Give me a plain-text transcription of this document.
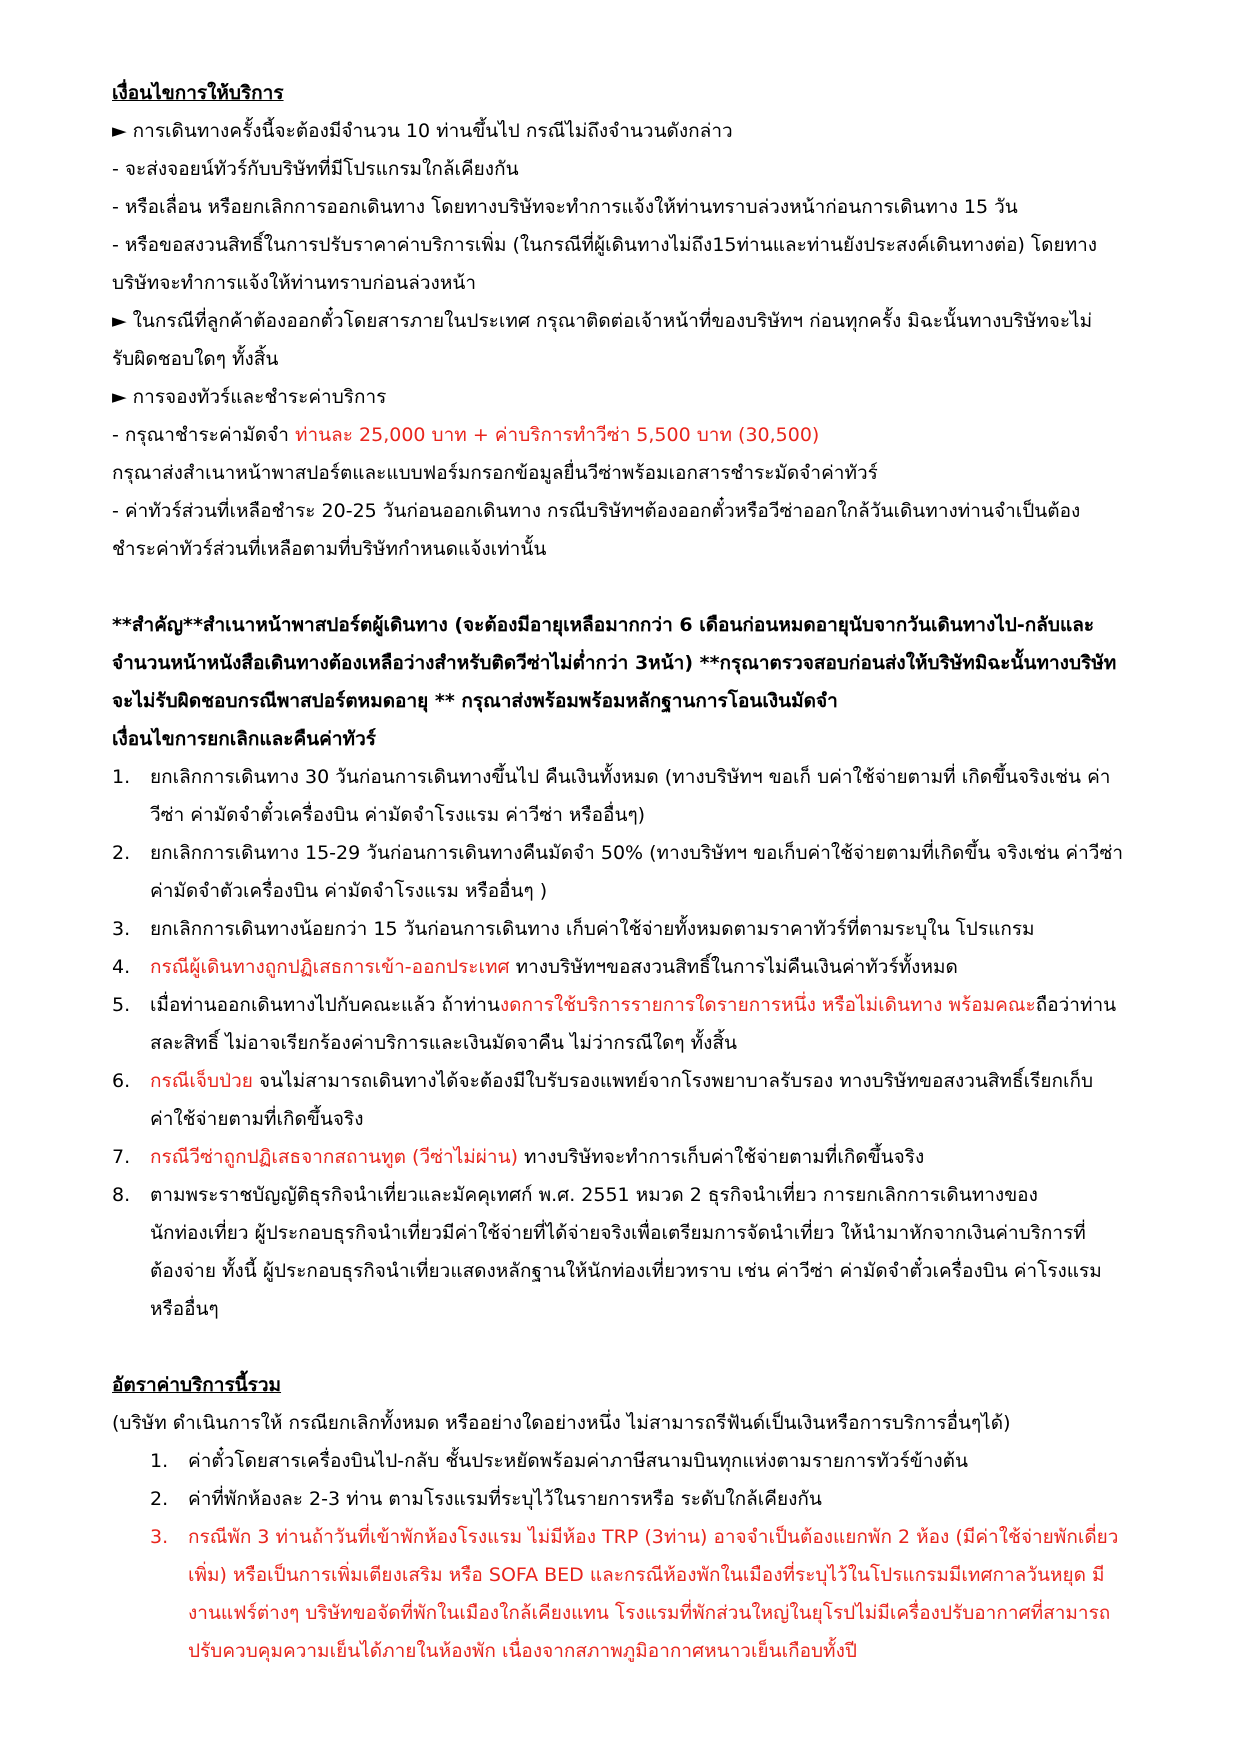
เงื่อนไขการให้บริการ
► การเดินทางครั้งนี้จะต้องมีจำนวน 10 ท่านขึ้นไป กรณีไม่ถึงจำนวนดังกล่าว
- จะส่งจอยน์ทัวร์กับบริษัทที่มีโปรแกรมใกล้เคียงกัน
- หรือเลื่อน หรือยกเลิกการออกเดินทาง โดยทางบริษัทจะทำการแจ้งให้ท่านทราบล่วงหน้าก่อนการเดินทาง 15 วัน
- หรือขอสงวนสิทธิ์ในการปรับราคาค่าบริการเพิ่ม (ในกรณีที่ผู้เดินทางไม่ถึง15ท่านและท่านยังประสงค์เดินทางต่อ) โดยทาง
บริษัทจะทำการแจ้งให้ท่านทราบก่อนล่วงหน้า
► ในกรณีที่ลูกค้าต้องออกตั๋วโดยสารภายในประเทศ กรุณาติดต่อเจ้าหน้าที่ของบริษัทฯ ก่อนทุกครั้ง มิฉะนั้นทางบริษัทจะไม่
รับผิดชอบใดๆ ทั้งสิ้น
► การจองทัวร์และชำระค่าบริการ
- กรุณาชำระค่ามัดจำ ท่านละ 25,000 บาท + ค่าบริการทำวีซ่า 5,500 บาท (30,500)
กรุณาส่งสำเนาหน้าพาสปอร์ตและแบบฟอร์มกรอกข้อมูลยื่นวีซ่าพร้อมเอกสารชำระมัดจำค่าทัวร์
- ค่าทัวร์ส่วนที่เหลือชำระ 20-25 วันก่อนออกเดินทาง กรณีบริษัทฯต้องออกตั๋วหรือวีซ่าออกใกล้วันเดินทางท่านจำเป็นต้อง
ชำระค่าทัวร์ส่วนที่เหลือตามที่บริษัทกำหนดแจ้งเท่านั้น
**สำคัญ**สำเนาหน้าพาสปอร์ตผู้เดินทาง (จะต้องมีอายุเหลือมากกว่า 6 เดือนก่อนหมดอายุนับจากวันเดินทางไป-กลับและ
จำนวนหน้าหนังสือเดินทางต้องเหลือว่างสำหรับติดวีซ่าไม่ต่ำกว่า 3หน้า) **กรุณาตรวจสอบก่อนส่งให้บริษัทมิฉะนั้นทางบริษัท
จะไม่รับผิดชอบกรณีพาสปอร์ตหมดอายุ ** กรุณาส่งพร้อมพร้อมหลักฐานการโอนเงินมัดจำ
เงื่อนไขการยกเลิกและคืนค่าทัวร์
1.	ยกเลิกการเดินทาง 30 วันก่อนการเดินทางขึ้นไป คืนเงินทั้งหมด (ทางบริษัทฯ ขอเก็ บค่าใช้จ่ายตามที่ เกิดขึ้นจริงเช่น ค่า
วีซ่า ค่ามัดจำตั๋วเครื่องบิน ค่ามัดจำโรงแรม ค่าวีซ่า หรืออื่นๆ)
2.	ยกเลิกการเดินทาง 15-29 วันก่อนการเดินทางคืนมัดจำ 50% (ทางบริษัทฯ ขอเก็บค่าใช้จ่ายตามที่เกิดขึ้น จริงเช่น ค่าวีซ่า
ค่ามัดจำตัวเครื่องบิน ค่ามัดจำโรงแรม หรืออื่นๆ )
3.	ยกเลิกการเดินทางน้อยกว่า 15 วันก่อนการเดินทาง เก็บค่าใช้จ่ายทั้งหมดตามราคาทัวร์ที่ตามระบุใน โปรแกรม
4.	กรณีผู้เดินทางถูกปฏิเสธการเข้า-ออกประเทศ ทางบริษัทฯขอสงวนสิทธิ์ในการไม่คืนเงินค่าทัวร์ทั้งหมด
5.	เมื่อท่านออกเดินทางไปกับคณะแล้ว ถ้าท่านงดการใช้บริการรายการใดรายการหนึ่ง หรือไม่เดินทาง พร้อมคณะถือว่าท่าน
สละสิทธิ์ ไม่อาจเรียกร้องค่าบริการและเงินมัดจาคืน ไม่ว่ากรณีใดๆ ทั้งสิ้น
6.	กรณีเจ็บป่วย จนไม่สามารถเดินทางได้จะต้องมีใบรับรองแพทย์จากโรงพยาบาลรับรอง ทางบริษัทขอสงวนสิทธิ์เรียกเก็บ
ค่าใช้จ่ายตามที่เกิดขึ้นจริง
7.	กรณีวีซ่าถูกปฏิเสธจากสถานทูต (วีซ่าไม่ผ่าน) ทางบริษัทจะทำการเก็บค่าใช้จ่ายตามที่เกิดขึ้นจริง
8.	ตามพระราชบัญญัติธุรกิจนำเที่ยวและมัคคุเทศก์ พ.ศ. 2551 หมวด 2 ธุรกิจนำเที่ยว การยกเลิกการเดินทางของ
นักท่องเที่ยว ผู้ประกอบธุรกิจนำเที่ยวมีค่าใช้จ่ายที่ได้จ่ายจริงเพื่อเตรียมการจัดนำเที่ยว ให้นำมาหักจากเงินค่าบริการที่
ต้องจ่าย ทั้งนี้ ผู้ประกอบธุรกิจนำเที่ยวแสดงหลักฐานให้นักท่องเที่ยวทราบ เช่น ค่าวีซ่า ค่ามัดจำตั๋วเครื่องบิน ค่าโรงแรม
หรืออื่นๆ
อัตราค่าบริการนี้รวม
(บริษัท ดำเนินการให้ กรณียกเลิกทั้งหมด หรืออย่างใดอย่างหนึ่ง ไม่สามารถรีฟันด์เป็นเงินหรือการบริการอื่นๆได้)
1.	ค่าตั๋วโดยสารเครื่องบินไป-กลับ ชั้นประหยัดพร้อมค่าภาษีสนามบินทุกแห่งตามรายการทัวร์ข้างต้น
2.	ค่าที่พักห้องละ 2-3 ท่าน ตามโรงแรมที่ระบุไว้ในรายการหรือ ระดับใกล้เคียงกัน
3.	กรณีพัก 3 ท่านถ้าวันที่เข้าพักห้องโรงแรม ไม่มีห้อง TRP (3ท่าน) อาจจำเป็นต้องแยกพัก 2 ห้อง (มีค่าใช้จ่ายพักเดี่ยว
เพิ่ม) หรือเป็นการเพิ่มเตียงเสริม หรือ SOFA BED และกรณีห้องพักในเมืองที่ระบุไว้ในโปรแกรมมีเทศกาลวันหยุด มี
งานแฟร์ต่างๆ บริษัทขอจัดที่พักในเมืองใกล้เคียงแทน โรงแรมที่พักส่วนใหญ่ในยุโรปไม่มีเครื่องปรับอากาศที่สามารถ
ปรับควบคุมความเย็นได้ภายในห้องพัก เนื่องจากสภาพภูมิอากาศหนาวเย็นเกือบทั้งปี
